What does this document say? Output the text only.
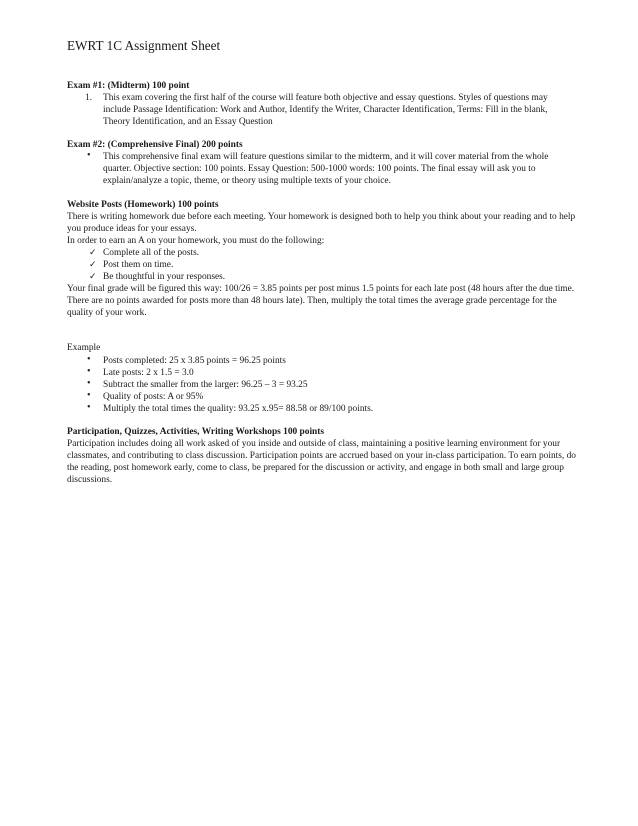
EWRT 1C Assignment Sheet
Exam #1: (Midterm) 100 point
1. This exam covering the first half of the course will feature both objective and essay questions. Styles of questions may include Passage Identification: Work and Author, Identify the Writer, Character Identification, Terms: Fill in the blank, Theory Identification, and an Essay Question
Exam #2: (Comprehensive Final) 200 points
• This comprehensive final exam will feature questions similar to the midterm, and it will cover material from the whole quarter. Objective section: 100 points. Essay Question: 500-1000 words: 100 points. The final essay will ask you to explain/analyze a topic, theme, or theory using multiple texts of your choice.
Website Posts (Homework) 100 points

There is writing homework due before each meeting. Your homework is designed both to help you think about your reading and to help you produce ideas for your essays.

In order to earn an A on your homework, you must do the following:

✓ Complete all of the posts.
✓ Post them on time.
✓ Be thoughtful in your responses.

Your final grade will be figured this way: 100/26 = 3.85 points per post minus 1.5 points for each late post (48 hours after the due time. There are no points awarded for posts more than 48 hours late). Then, multiply the total times the average grade percentage for the quality of your work.

Example

• Posts completed: 25 x 3.85 points = 96.25 points
• Late posts: 2 x 1.5 = 3.0
• Subtract the smaller from the larger: 96.25 – 3 = 93.25
• Quality of posts: A or 95%
• Multiply the total times the quality: 93.25 x.95= 88.58 or 89/100 points.
Participation, Quizzes, Activities, Writing Workshops 100 points

Participation includes doing all work asked of you inside and outside of class, maintaining a positive learning environment for your classmates, and contributing to class discussion. Participation points are accrued based on your in-class participation. To earn points, do the reading, post homework early, come to class, be prepared for the discussion or activity, and engage in both small and large group discussions.
